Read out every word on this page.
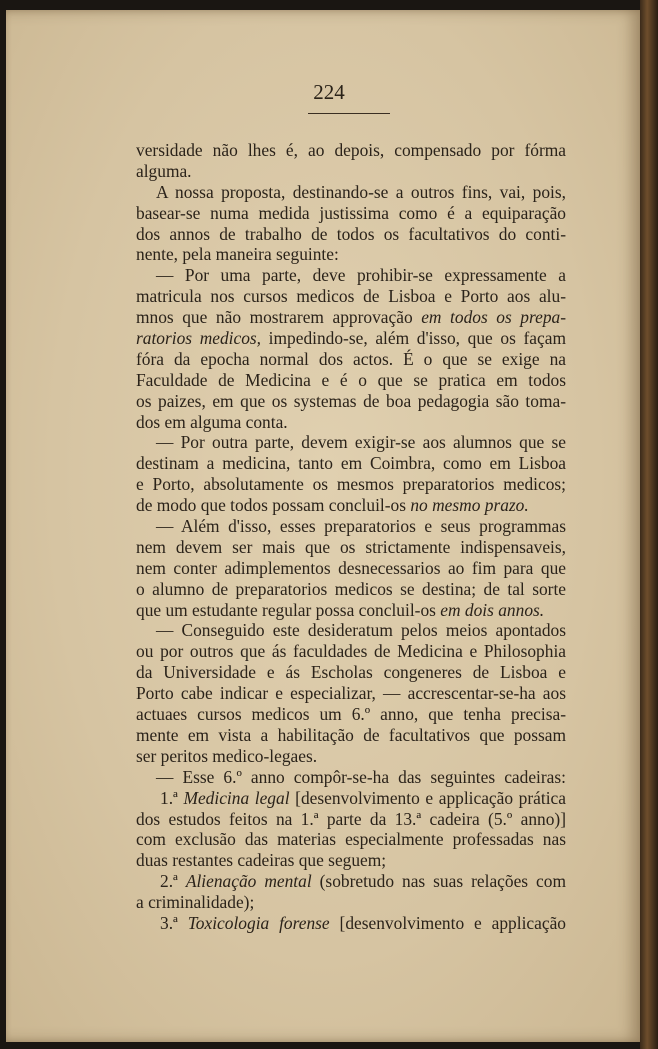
224
versidade não lhes é, ao depois, compensado por fórma
alguma.
A nossa proposta, destinando-se a outros fins, vai, pois,
basear-se numa medida justissima como é a equiparação
dos annos de trabalho de todos os facultativos do conti-
nente, pela maneira seguinte:
— Por uma parte, deve prohibir-se expressamente a
matricula nos cursos medicos de Lisboa e Porto aos alu-
mnos que não mostrarem approvação em todos os prepa-
ratorios medicos, impedindo-se, além d'isso, que os façam
fóra da epocha normal dos actos. É o que se exige na
Faculdade de Medicina e é o que se pratica em todos
os paizes, em que os systemas de boa pedagogia são toma-
dos em alguma conta.
— Por outra parte, devem exigir-se aos alumnos que se
destinam a medicina, tanto em Coimbra, como em Lisboa
e Porto, absolutamente os mesmos preparatorios medicos;
de modo que todos possam concluil-os no mesmo prazo.
— Além d'isso, esses preparatorios e seus programmas
nem devem ser mais que os strictamente indispensaveis,
nem conter adimplementos desnecessarios ao fim para que
o alumno de preparatorios medicos se destina; de tal sorte
que um estudante regular possa concluil-os em dois annos.
— Conseguido este desideratum pelos meios apontados
ou por outros que ás faculdades de Medicina e Philosophia
da Universidade e ás Escholas congeneres de Lisboa e
Porto cabe indicar e especializar, — accrescentar-se-ha aos
actuaes cursos medicos um 6.º anno, que tenha precisa-
mente em vista a habilitação de facultativos que possam
ser peritos medico-legaes.
— Esse 6.º anno compôr-se-ha das seguintes cadeiras:
1.ª Medicina legal [desenvolvimento e applicação prática
dos estudos feitos na 1.ª parte da 13.ª cadeira (5.º anno)]
com exclusão das materias especialmente professadas nas
duas restantes cadeiras que seguem;
2.ª Alienação mental (sobretudo nas suas relações com
a criminalidade);
3.ª Toxicologia forense [desenvolvimento e applicação
